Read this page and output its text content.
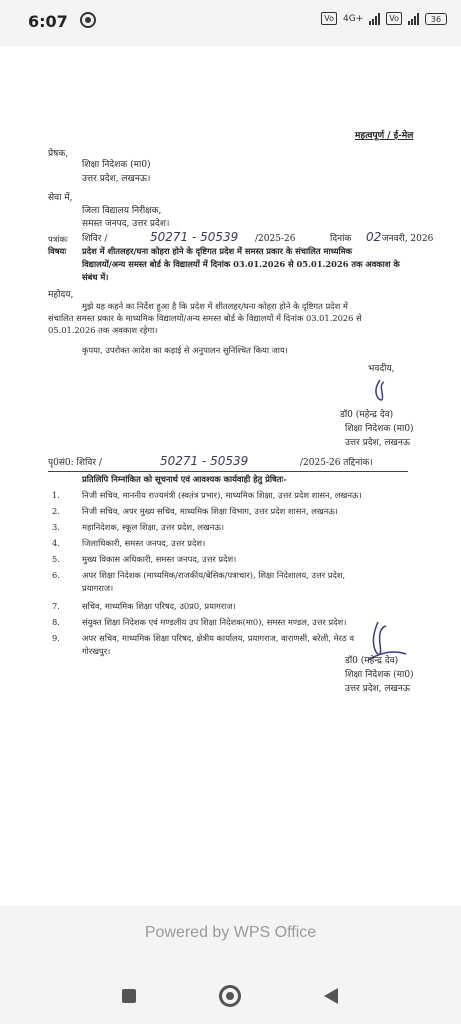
6:07	Vo	4G+	Vo	36
महत्वपूर्ण / ई-मेल
प्रेषक,
शिक्षा निदेशक (मा0)
उत्तर प्रदेश, लखनऊ।
सेवा में,
जिला विद्यालय निरीक्षक,
समस्त जनपद, उत्तर प्रदेश।
पत्रांकः शिविर /	50271 - 50539 /2025-26	दिनांक 02 जनवरी, 2026
विषयः प्रदेश में शीतलहर/घना कोहरा होने के दृष्टिगत प्रदेश में समस्त प्रकार के संचालित माध्यमिक
विद्यालयों/अन्य समस्त बोर्ड के विद्यालयों में दिनांक 03.01.2026 से 05.01.2026 तक अवकाश के
संबंध में।
महोदय,
मुझे यह कहने का निर्देश हुआ है कि प्रदेश में शीतलहर/घना कोहरा होने के दृष्टिगत प्रदेश में
संचालित समस्त प्रकार के माध्यमिक विद्यालयों/अन्य समस्त बोर्ड के विद्यालयों में दिनांक 03.01.2026 से
05.01.2026 तक अवकाश रहेगा।
कृपया, उपरोक्त आदेश का कड़ाई से अनुपालन सुनिश्चित किया जाय।
भवदीय,
डॉ0 (महेन्द्र देव)
शिक्षा निदेशक (मा0)
उत्तर प्रदेश, लखनऊ
पृ0सं0: शिविर /	50271 - 50539	/2025-26 तद्दिनांक।
प्रतिलिपि निम्नांकित को सूचनार्थ एवं आवश्यक कार्यवाही हेतु प्रेषितः-
1.	निजी सचिव, माननीय राज्यमंत्री (स्वतंत्र प्रभार), माध्यमिक शिक्षा, उत्तर प्रदेश शासन, लखनऊ।
2.	निजी सचिव, अपर मुख्य सचिव, माध्यमिक शिक्षा विभाग, उत्तर प्रदेश शासन, लखनऊ।
3.	महानिदेशक, स्कूल शिक्षा, उत्तर प्रदेश, लखनऊ।
4.	जिलाधिकारी, समस्त जनपद, उत्तर प्रदेश।
5.	मुख्य विकास अधिकारी, समस्त जनपद, उत्तर प्रदेश।
6.	अपर शिक्षा निदेशक (माध्यमिक/राजकीय/बेसिक/पत्राचार), शिक्षा निदेशालय, उत्तर प्रदेश,
प्रयागराज।
7.	सचिव, माध्यमिक शिक्षा परिषद, उ0प्र0, प्रयागराज।
8.	संयुक्त शिक्षा निदेशक एवं मण्डलीय उप शिक्षा निदेशक(मा0), समस्त मण्डल, उत्तर प्रदेश।
9.	अपर सचिव, माध्यमिक शिक्षा परिषद, क्षेत्रीय कार्यालय, प्रयागराज, वाराणसी, बरेली, मेरठ व
गोरखपुर।
डॉ0 (महेन्द्र देव)
शिक्षा निदेशक (मा0)
उत्तर प्रदेश, लखनऊ
Powered by WPS Office
